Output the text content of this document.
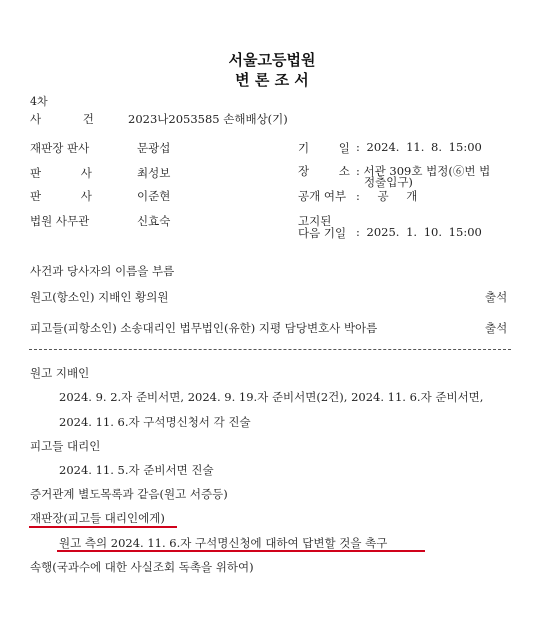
서울고등법원
변 론 조 서
4차
사 건	2023나2053585 손해배상(기)
재판장 판사	문광섭
판 사	최성보
판 사	이준현
법원 사무관	신효숙
기 일 : 2024. 11. 8. 15:00
장 소 : 서관 309호 법정(⑥번 법
정출입구)
공개 여부 : 공 개
고지된
다음 기일 : 2025. 1. 10. 15:00
사건과 당사자의 이름을 부름
원고(항소인) 지배인 황의원	출석
피고들(피항소인) 소송대리인 법무법인(유한) 지평 담당변호사 박아름	출석
원고 지배인
2024. 9. 2.자 준비서면, 2024. 9. 19.자 준비서면(2건), 2024. 11. 6.자 준비서면,
2024. 11. 6.자 구석명신청서 각 진술
피고들 대리인
2024. 11. 5.자 준비서면 진술
증거관계 별도목록과 같음(원고 서증등)
재판장(피고들 대리인에게)
원고 측의 2024. 11. 6.자 구석명신청에 대하여 답변할 것을 촉구
속행(국과수에 대한 사실조회 독촉을 위하여)
